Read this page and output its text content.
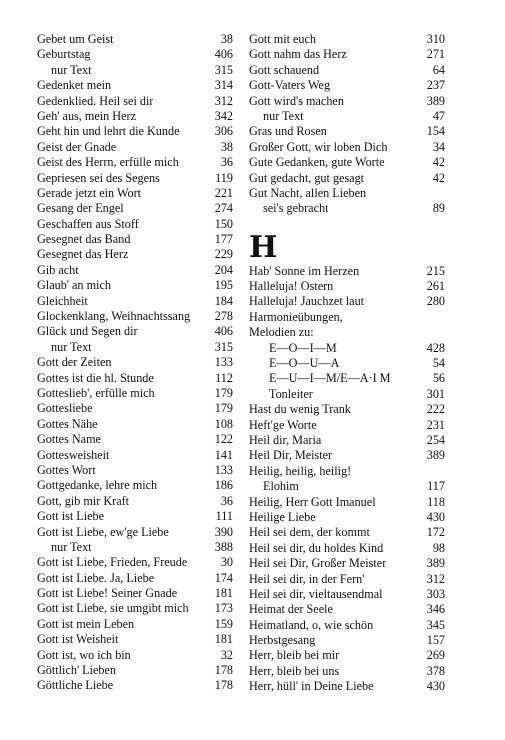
Gebet um Geist	38
Geburtstag	406
nur Text	315
Gedenket mein	314
Gedenklied. Heil sei dir	312
Geh' aus, mein Herz	342
Geht hin und lehrt die Kunde	306
Geist der Gnade	38
Geist des Herrn, erfülle mich	36
Gepriesen sei des Segens	119
Gerade jetzt ein Wort	221
Gesang der Engel	274
Geschaffen aus Stoff	150
Gesegnet das Band	177
Gesegnet das Herz	229
Gib acht	204
Glaub' an mich	195
Gleichheit	184
Glockenklang, Weihnachtssang 278
Glück und Segen dir	406
nur Text	315
Gott der Zeiten	133
Gottes ist die hl. Stunde	112
Gotteslieb', erfülle mich	179
Gottesliebe	179
Gottes Nähe	108
Gottes Name	122
Gottesweisheit	141
Gottes Wort	133
Gottgedanke, lehre mich	186
Gott, gib mir Kraft	36
Gott ist Liebe	111
Gott ist Liebe, ew'ge Liebe	390
nur Text	388
Gott ist Liebe, Frieden, Freude	30
Gott ist Liebe. Ja, Liebe	174
Gott ist Liebe! Seiner Gnade	181
Gott ist Liebe, sie umgibt mich 173
Gott ist mein Leben	159
Gott ist Weisheit	181
Gott ist, wo ich bin	32
Göttlich' Lieben	178
Göttliche Liebe	178
Gott mit euch	310
Gott nahm das Herz	271
Gott schauend	64
Gott-Vaters Weg	237
Gott wird's machen	389
nur Text	47
Gras und Rosen	154
Großer Gott, wir loben Dich	34
Gute Gedanken, gute Worte	42
Gut gedacht, gut gesagt	42
Gut Nacht, allen Lieben
sei's gebracht	89
H
Hab' Sonne im Herzen	215
Halleluja! Ostern	261
Halleluja! Jauchzet laut	280
Harmonieübungen,
Melodien zu:
E—O—I—M	428
E—O—U—A	54
E—U—I—M/E—A·I M	56
Tonleiter	301
Hast du wenig Trank	222
Heft'ge Worte	231
Heil dir, Maria	254
Heil Dir, Meister	389
Heilig, heilig, heilig!
Elohim	117
Heilig, Herr Gott Imanuel	118
Heilige Liebe	430
Heil sei dem, der kommt	172
Heil sei dir, du holdes Kind	98
Heil sei Dir, Großer Meister	389
Heil sei dir, in der Fern'	312
Heil sei dir, vieltausendmal	303
Heimat der Seele	346
Heimatland, o, wie schön	345
Herbstgesang	157
Herr, bleib bei mir	269
Herr, bleib bei uns	378
Herr, hüll' in Deine Liebe	430
